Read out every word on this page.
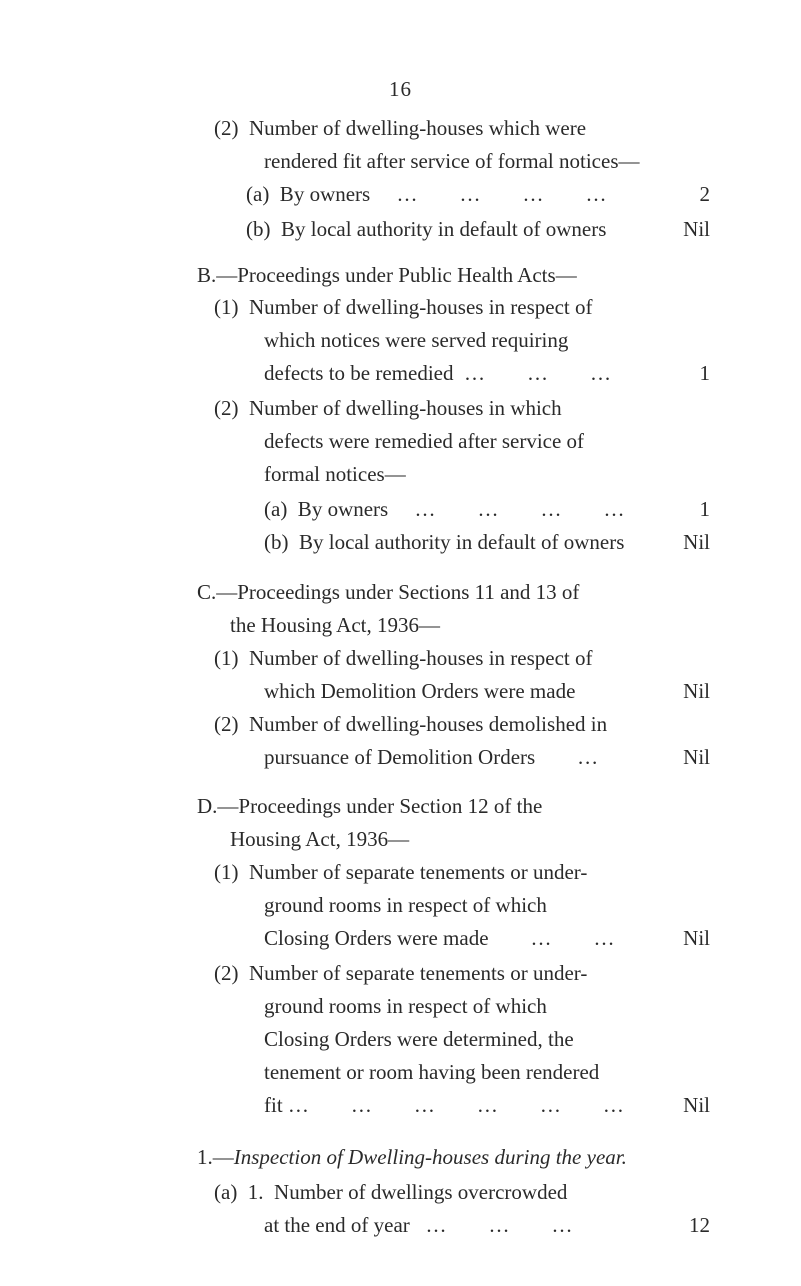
16
(2)  Number of dwelling-houses which were
rendered fit after service of formal notices—
(a)  By owners     …        …        …        …	2
(b)  By local authority in default of owners	Nil
B.—Proceedings under Public Health Acts—
(1)  Number of dwelling-houses in respect of
which notices were served requiring
defects to be remedied  …        …        …	1
(2)  Number of dwelling-houses in which
defects were remedied after service of
formal notices—
(a)  By owners     …        …        …        …	1
(b)  By local authority in default of owners	Nil
C.—Proceedings under Sections 11 and 13 of
the Housing Act, 1936—
(1)  Number of dwelling-houses in respect of
which Demolition Orders were made	Nil
(2)  Number of dwelling-houses demolished in
pursuance of Demolition Orders        …	Nil
D.—Proceedings under Section 12 of the
Housing Act, 1936—
(1)  Number of separate tenements or under-
ground rooms in respect of which
Closing Orders were made        …        …	Nil
(2)  Number of separate tenements or under-
ground rooms in respect of which
Closing Orders were determined, the
tenement or room having been rendered
fit …        …        …        …        …        …	Nil
1.—Inspection of Dwelling-houses during the year.
(a)  1.  Number of dwellings overcrowded
at the end of year   …        …        …	12
